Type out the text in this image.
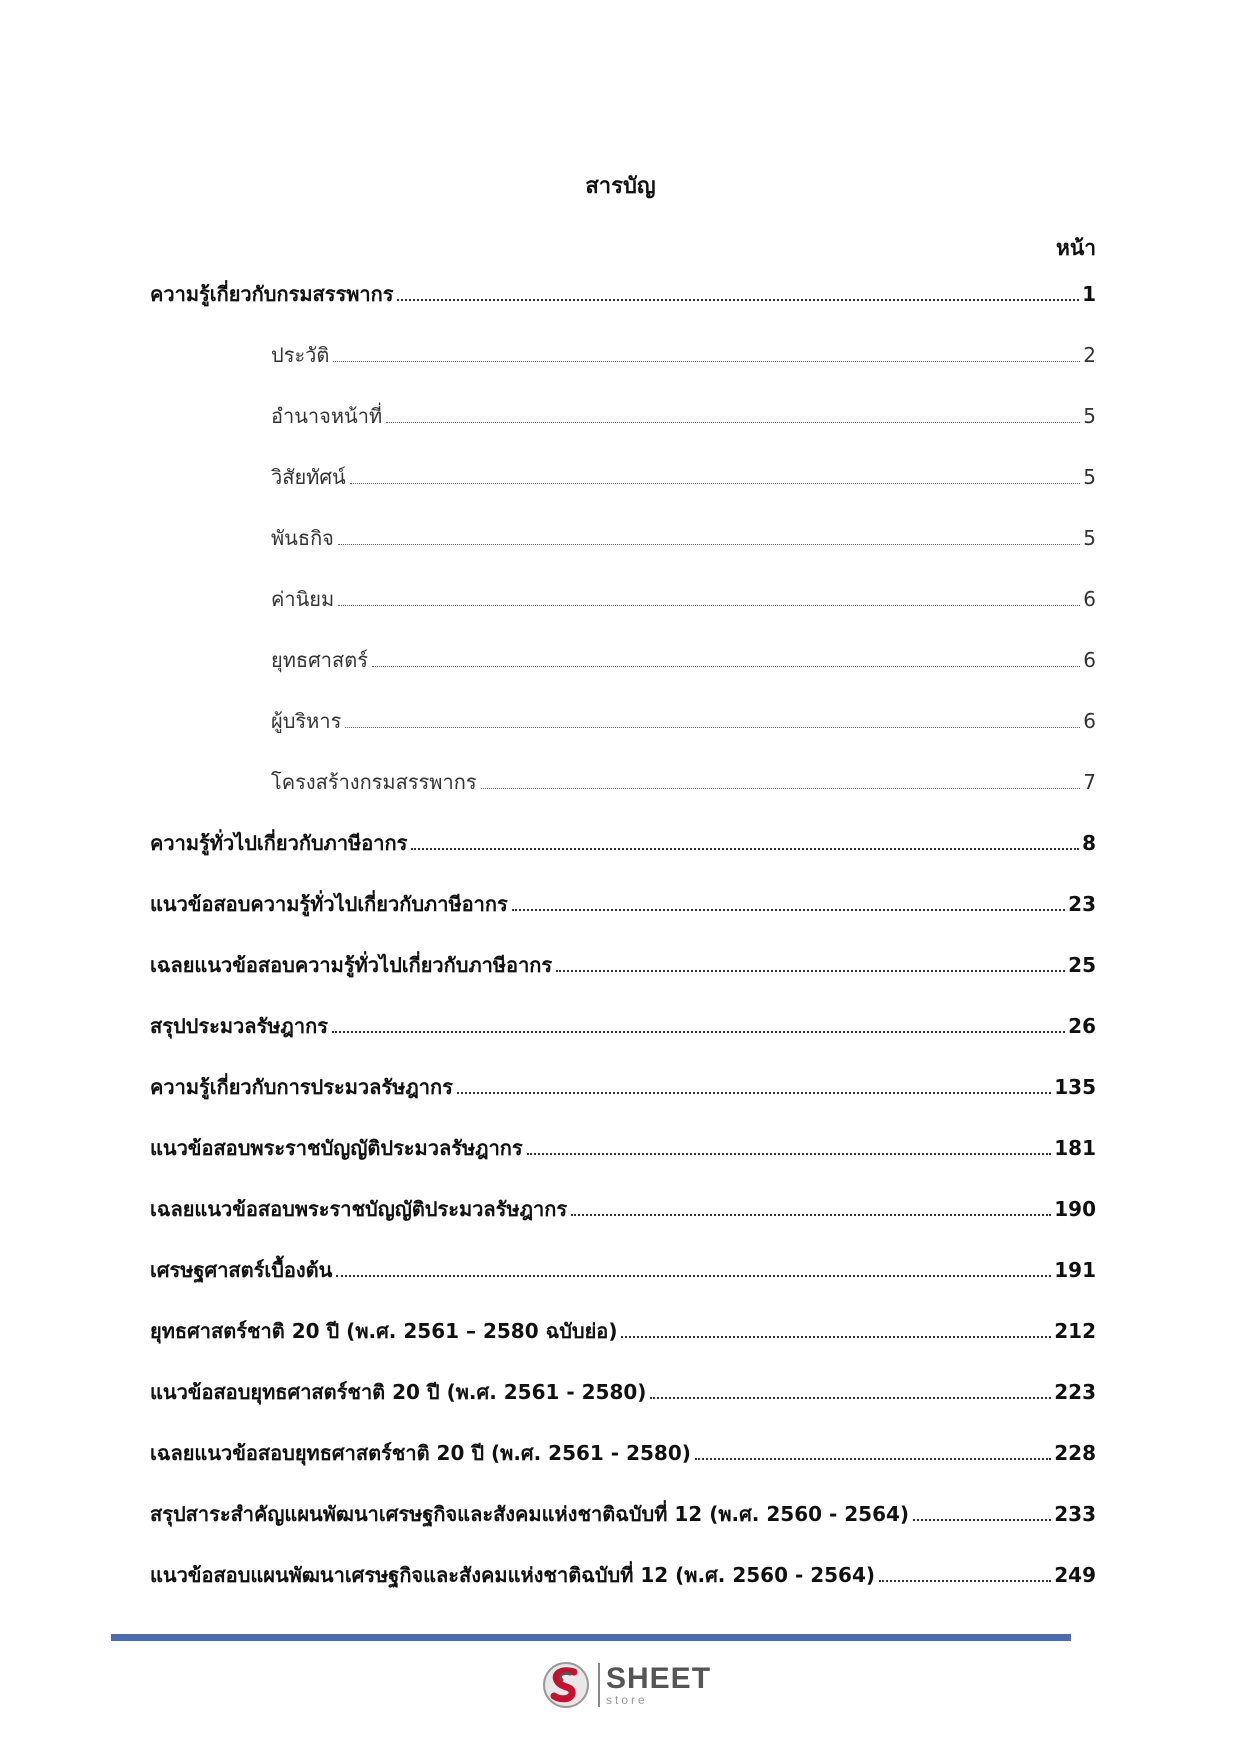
สารบัญ
หน้า
ความรู้เกี่ยวกับกรมสรรพากร	1
ประวัติ	2
อำนาจหน้าที่	5
วิสัยทัศน์	5
พันธกิจ	5
ค่านิยม	6
ยุทธศาสตร์	6
ผู้บริหาร	6
โครงสร้างกรมสรรพากร	7
ความรู้ทั่วไปเกี่ยวกับภาษีอากร	8
แนวข้อสอบความรู้ทั่วไปเกี่ยวกับภาษีอากร	23
เฉลยแนวข้อสอบความรู้ทั่วไปเกี่ยวกับภาษีอากร	25
สรุปประมวลรัษฎากร	26
ความรู้เกี่ยวกับการประมวลรัษฎากร	135
แนวข้อสอบพระราชบัญญัติประมวลรัษฎากร	181
เฉลยแนวข้อสอบพระราชบัญญัติประมวลรัษฎากร	190
เศรษฐศาสตร์เบื้องต้น	191
ยุทธศาสตร์ชาติ 20 ปี (พ.ศ. 2561 – 2580 ฉบับย่อ)	212
แนวข้อสอบยุทธศาสตร์ชาติ 20 ปี (พ.ศ. 2561 - 2580)	223
เฉลยแนวข้อสอบยุทธศาสตร์ชาติ 20 ปี (พ.ศ. 2561 - 2580)	228
สรุปสาระสำคัญแผนพัฒนาเศรษฐกิจและสังคมแห่งชาติฉบับที่ 12 (พ.ศ. 2560 - 2564)	233
แนวข้อสอบแผนพัฒนาเศรษฐกิจและสังคมแห่งชาติฉบับที่ 12 (พ.ศ. 2560 - 2564)	249
SHEET
store
